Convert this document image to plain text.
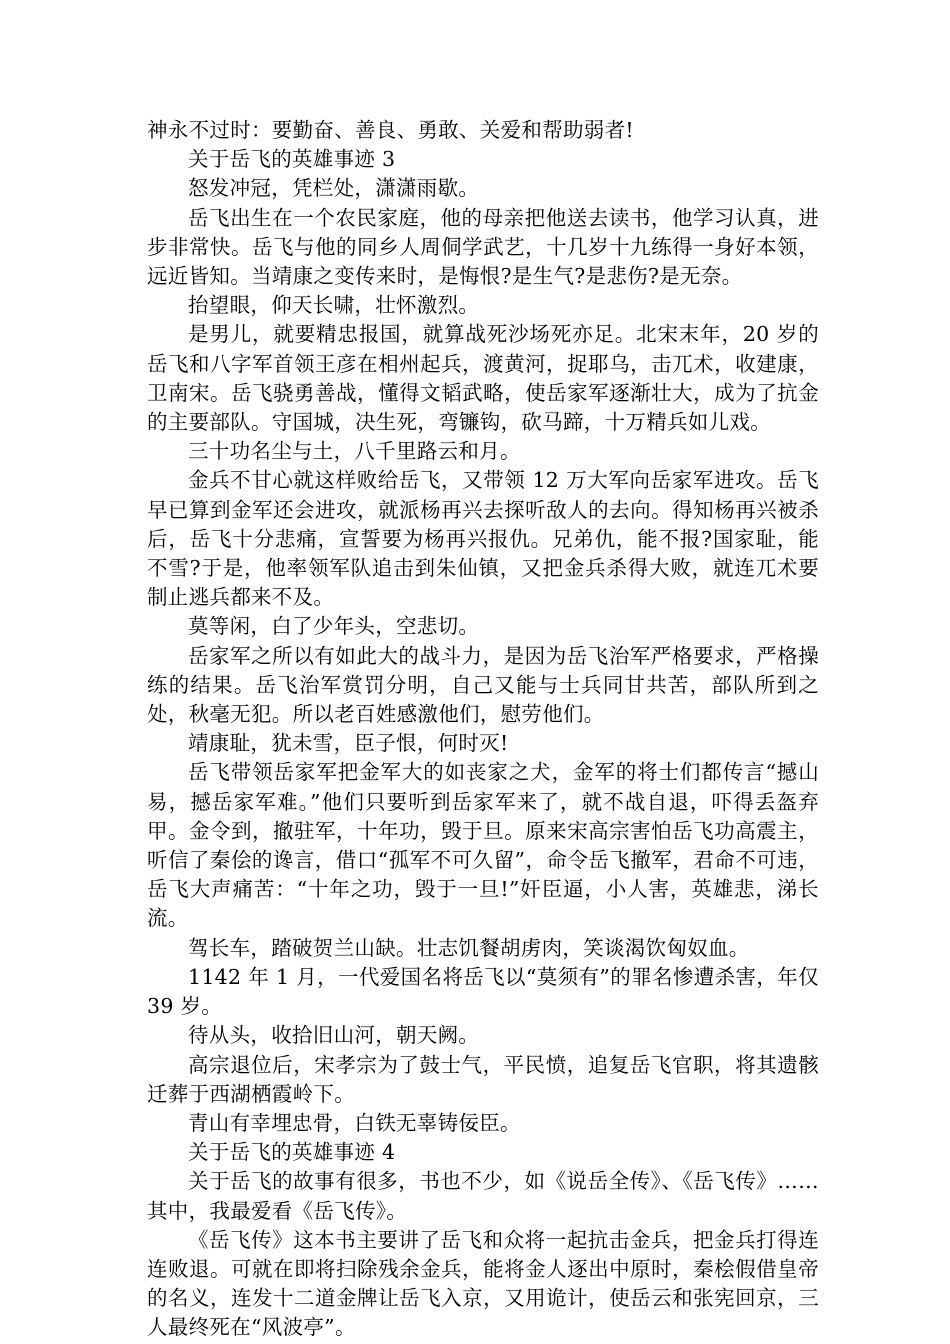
神永不过时：要勤奋、善良、勇敢、关爱和帮助弱者!

关于岳飞的英雄事迹 3

怒发冲冠，凭栏处，潇潇雨歇。

岳飞出生在一个农民家庭，他的母亲把他送去读书，他学习认真，进步非常快。岳飞与他的同乡人周侗学武艺，十几岁十九练得一身好本领，远近皆知。当靖康之变传来时，是悔恨?是生气?是悲伤?是无奈。

抬望眼，仰天长啸，壮怀激烈。

是男儿，就要精忠报国，就算战死沙场死亦足。北宋末年，20 岁的岳飞和八字军首领王彦在相州起兵，渡黄河，捉耶乌，击兀术，收建康，卫南宋。岳飞骁勇善战，懂得文韬武略，使岳家军逐渐壮大，成为了抗金的主要部队。守国城，决生死，弯镰钩，砍马蹄，十万精兵如儿戏。

三十功名尘与土，八千里路云和月。

金兵不甘心就这样败给岳飞，又带领 12 万大军向岳家军进攻。岳飞早已算到金军还会进攻，就派杨再兴去探听敌人的去向。得知杨再兴被杀后，岳飞十分悲痛，宣誓要为杨再兴报仇。兄弟仇，能不报?国家耻，能不雪?于是，他率领军队追击到朱仙镇，又把金兵杀得大败，就连兀术要制止逃兵都来不及。

莫等闲，白了少年头，空悲切。

岳家军之所以有如此大的战斗力，是因为岳飞治军严格要求，严格操练的结果。岳飞治军赏罚分明，自己又能与士兵同甘共苦，部队所到之处，秋毫无犯。所以老百姓感激他们，慰劳他们。

靖康耻，犹未雪，臣子恨，何时灭!

岳飞带领岳家军把金军大的如丧家之犬，金军的将士们都传言“撼山易，撼岳家军难。”他们只要听到岳家军来了，就不战自退，吓得丢盔弃甲。金令到，撤驻军，十年功，毁于旦。原来宋高宗害怕岳飞功高震主，听信了秦侩的谗言，借口“孤军不可久留”，命令岳飞撤军，君命不可违，岳飞大声痛苦：“十年之功，毁于一旦!”奸臣逼，小人害，英雄悲，涕长流。

驾长车，踏破贺兰山缺。壮志饥餐胡虏肉，笑谈渴饮匈奴血。

1142 年 1 月，一代爱国名将岳飞以“莫须有”的罪名惨遭杀害，年仅 39 岁。

待从头，收拾旧山河，朝天阙。

高宗退位后，宋孝宗为了鼓士气，平民愤，追复岳飞官职，将其遗骸迁葬于西湖栖霞岭下。

青山有幸埋忠骨，白铁无辜铸佞臣。

关于岳飞的英雄事迹 4

关于岳飞的故事有很多，书也不少，如《说岳全传》、《岳飞传》……其中，我最爱看《岳飞传》。

《岳飞传》这本书主要讲了岳飞和众将一起抗击金兵，把金兵打得连连败退。可就在即将扫除残余金兵，能将金人逐出中原时，秦桧假借皇帝的名义，连发十二道金牌让岳飞入京，又用诡计，使岳云和张宪回京，三人最终死在“风波亭”。
